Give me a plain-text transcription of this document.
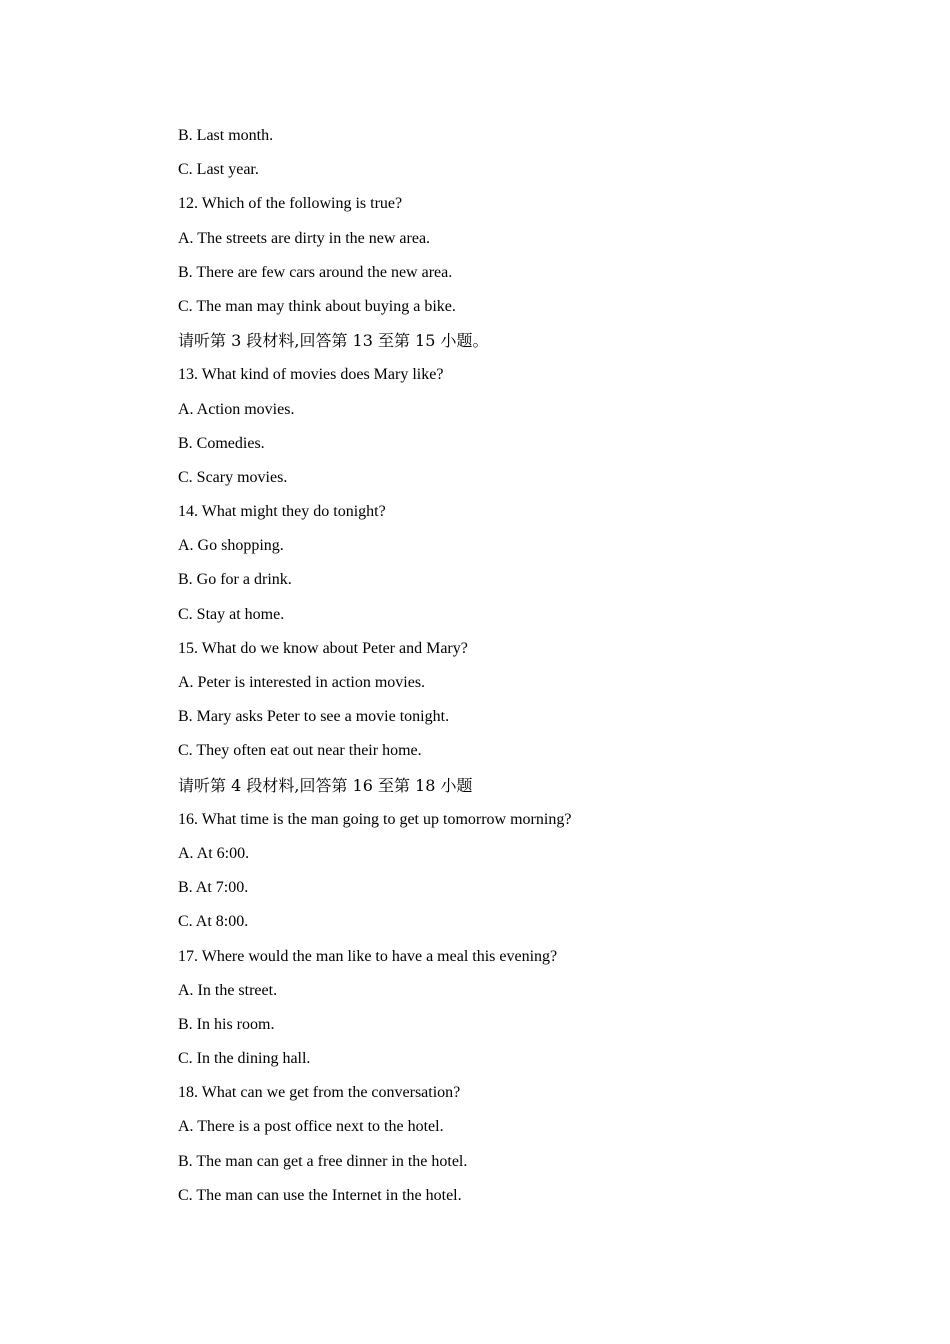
B. Last month.
C. Last year.
12. Which of the following is true?
A. The streets are dirty in the new area.
B. There are few cars around the new area.
C. The man may think about buying a bike.
请听第 3 段材料,回答第 13 至第 15 小题。
13. What kind of movies does Mary like?
A. Action movies.
B. Comedies.
C. Scary movies.
14. What might they do tonight?
A. Go shopping.
B. Go for a drink.
C. Stay at home.
15. What do we know about Peter and Mary?
A. Peter is interested in action movies.
B. Mary asks Peter to see a movie tonight.
C. They often eat out near their home.
请听第 4 段材料,回答第 16 至第 18 小题
16. What time is the man going to get up tomorrow morning?
A. At 6:00.
B. At 7:00.
C. At 8:00.
17. Where would the man like to have a meal this evening?
A. In the street.
B. In his room.
C. In the dining hall.
18. What can we get from the conversation?
A. There is a post office next to the hotel.
B. The man can get a free dinner in the hotel.
C. The man can use the Internet in the hotel.
